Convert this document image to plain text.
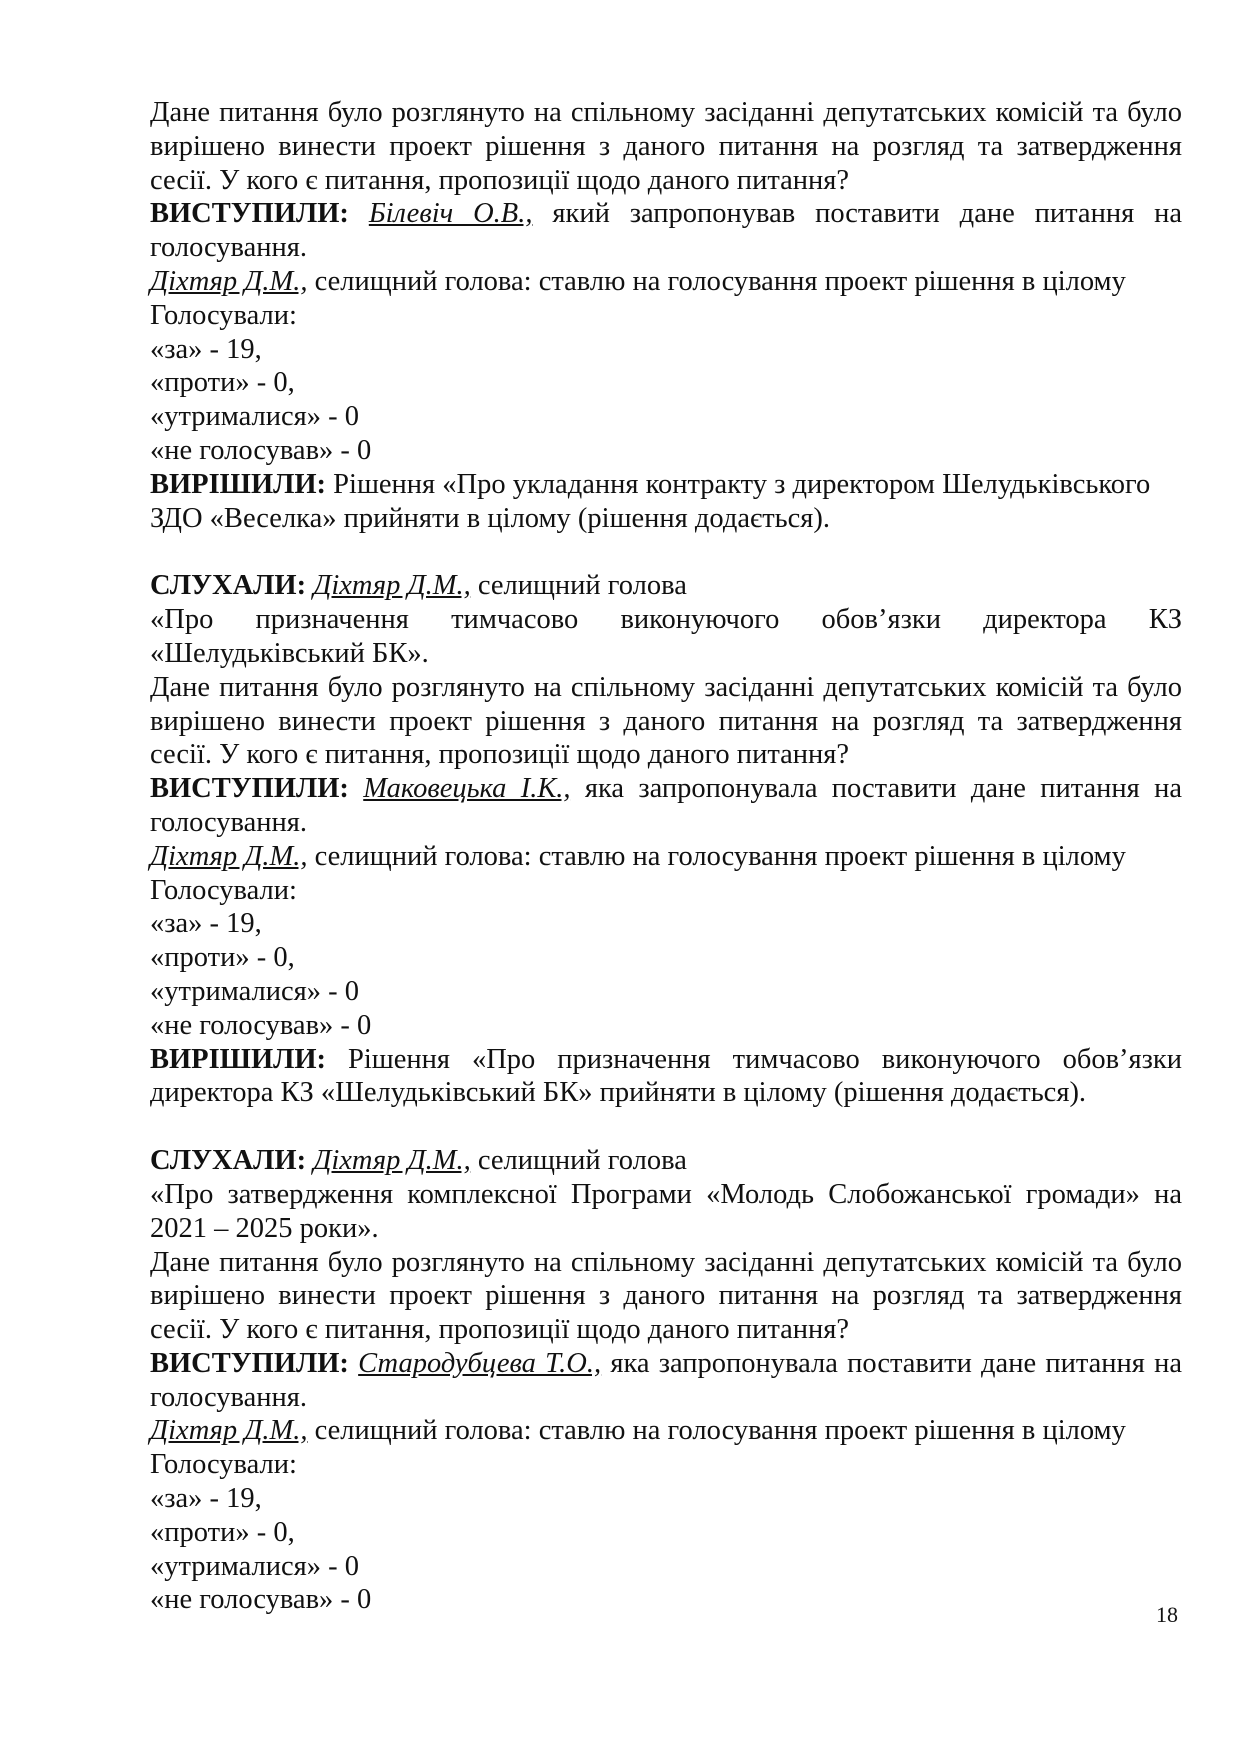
Дане питання було розглянуто на спільному засіданні депутатських комісій та було вирішено винести проект рішення з даного питання на розгляд та затвердження сесії. У кого є питання, пропозиції щодо даного питання?

ВИСТУПИЛИ: Білевіч О.В., який запропонував поставити дане питання на голосування.

Діхтяр Д.М., селищний голова: ставлю на голосування проект рішення в цілому

Голосували:

«за» - 19,

«проти» - 0,

«утрималися» - 0

«не голосував» - 0

ВИРІШИЛИ: Рішення «Про укладання контракту з директором Шелудьківського
ЗДО «Веселка» прийняти в цілому (рішення додається).

СЛУХАЛИ: Діхтяр Д.М., селищний голова

«Про призначення тимчасово виконуючого обов’язки директора КЗ

«Шелудьківський БК».

Дане питання було розглянуто на спільному засіданні депутатських комісій та було вирішено винести проект рішення з даного питання на розгляд та затвердження сесії. У кого є питання, пропозиції щодо даного питання?

ВИСТУПИЛИ: Маковецька І.К., яка запропонувала поставити дане питання на голосування.

Діхтяр Д.М., селищний голова: ставлю на голосування проект рішення в цілому

Голосували:

«за» - 19,

«проти» - 0,

«утрималися» - 0

«не голосував» - 0

ВИРІШИЛИ: Рішення «Про призначення тимчасово виконуючого обов’язки

директора КЗ «Шелудьківський БК» прийняти в цілому (рішення додається).

СЛУХАЛИ: Діхтяр Д.М., селищний голова

«Про затвердження комплексної Програми «Молодь Слобожанської громади» на 2021 – 2025 роки».

Дане питання було розглянуто на спільному засіданні депутатських комісій та було вирішено винести проект рішення з даного питання на розгляд та затвердження сесії. У кого є питання, пропозиції щодо даного питання?

ВИСТУПИЛИ: Стародубцева Т.О., яка запропонувала поставити дане питання на голосування.

Діхтяр Д.М., селищний голова: ставлю на голосування проект рішення в цілому

Голосували:

«за» - 19,

«проти» - 0,

«утрималися» - 0

«не голосував» - 0	18
